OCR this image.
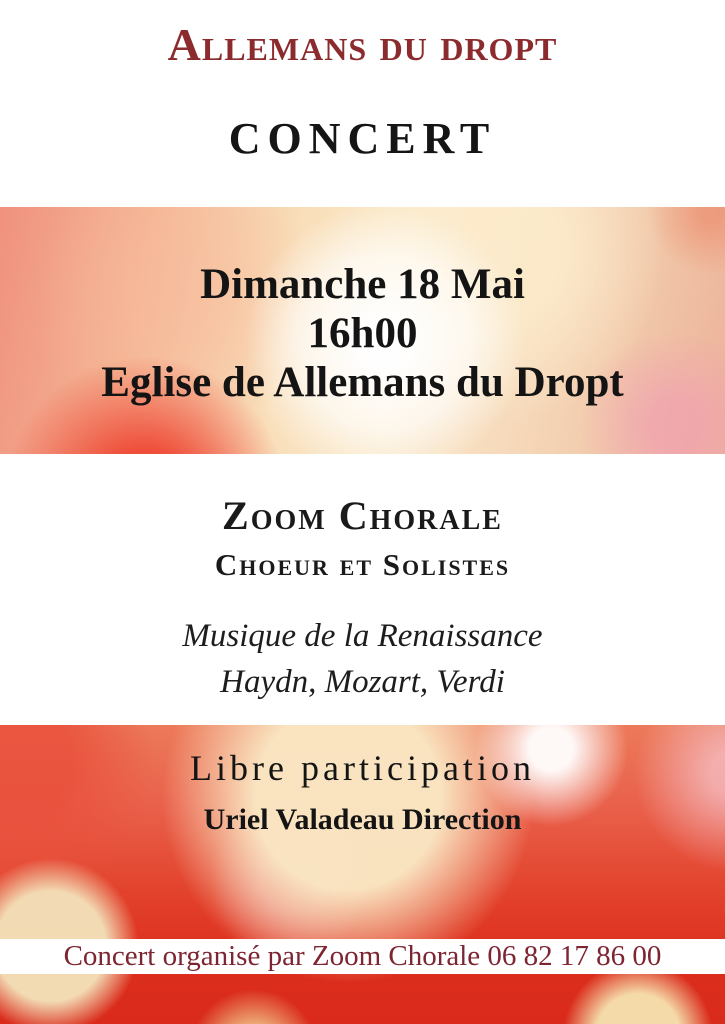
Allemans du dropt
CONCERT
Dimanche 18 Mai
16h00
Eglise de Allemans du Dropt
Zoom Chorale
Choeur et Solistes
Musique de la Renaissance
Haydn, Mozart, Verdi
Libre participation
Uriel Valadeau Direction
Concert organisé par Zoom Chorale 06 82 17 86 00
